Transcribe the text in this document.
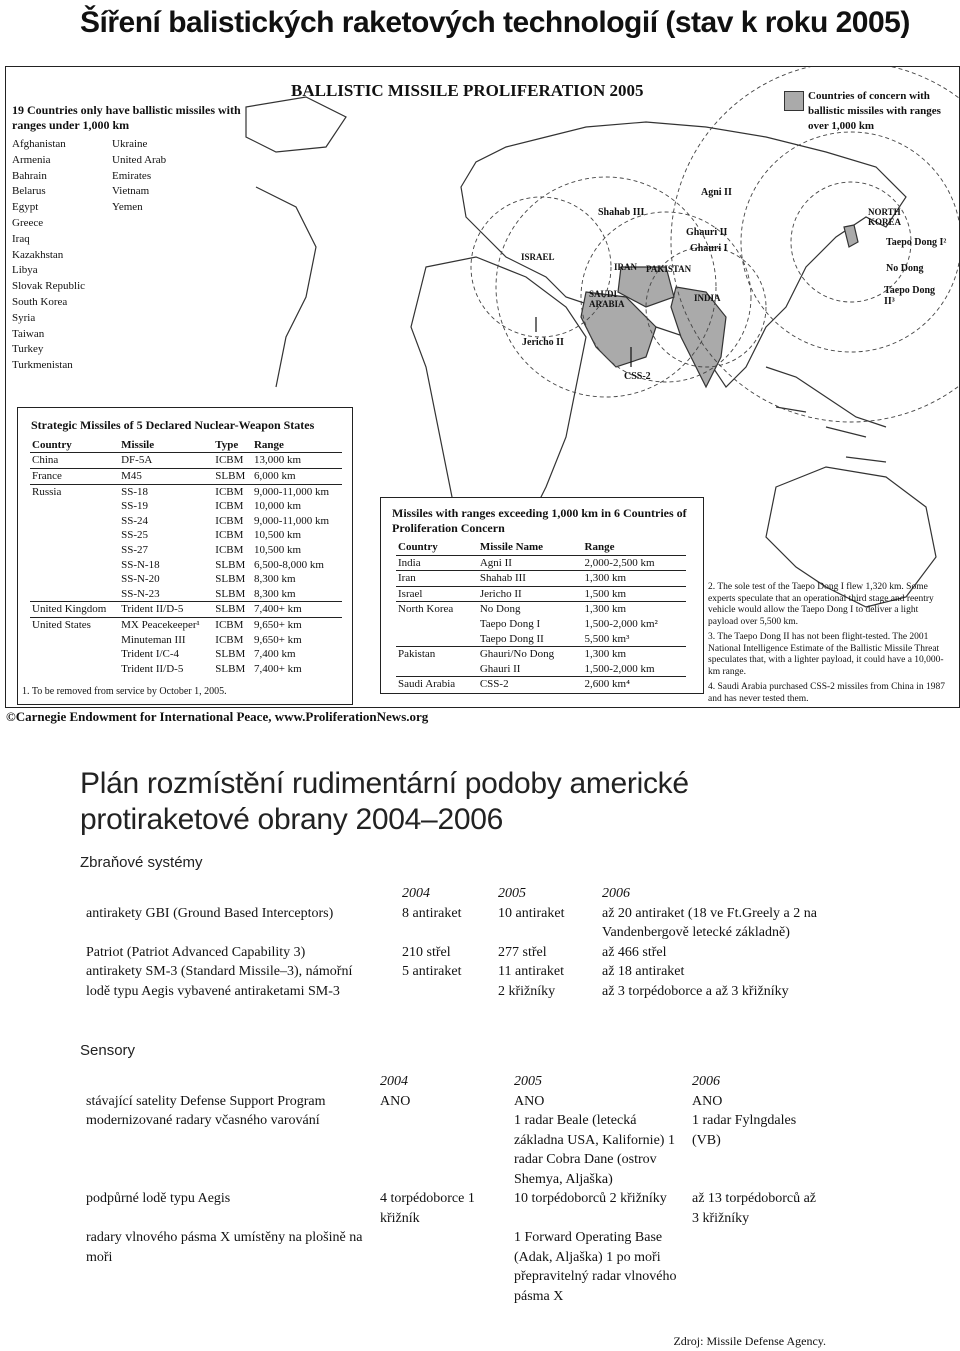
Šíření balistických raketových technologií (stav k roku 2005)
BALLISTIC MISSILE PROLIFERATION 2005	Countries of concern with ballistic missiles with ranges over 1,000 km
ISRAEL
IRAN PAKISTAN
SAUDI ARABIA
INDIA
NORTH KOREA
Shahab III
Agni II
Ghauri II
Ghauri I
Jericho II
CSS-2
Taepo Dong I²
No Dong
Taepo Dong II³
19 Countries only have ballistic missiles with ranges under 1,000 km
Afghanistan
Armenia
Bahrain
Belarus
Egypt
Greece
Iraq
Kazakhstan
Libya
Slovak Republic
South Korea
Syria
Taiwan
Turkey
Turkmenistan
Ukraine
United Arab
Emirates
Vietnam
Yemen
Strategic Missiles of 5 Declared Nuclear-Weapon States
Country	Missile	Type	Range
China	DF-5A	ICBM	13,000 km
France	M45	SLBM	6,000 km
Russia	SS-18	ICBM	9,000-11,000 km
	SS-19	ICBM	10,000 km
	SS-24	ICBM	9,000-11,000 km
	SS-25	ICBM	10,500 km
	SS-27	ICBM	10,500 km
	SS-N-18	SLBM	6,500-8,000 km
	SS-N-20	SLBM	8,300 km
	SS-N-23	SLBM	8,300 km
United Kingdom	Trident II/D-5	SLBM	7,400+ km
United States	MX Peacekeeper¹	ICBM	9,650+ km
	Minuteman III	ICBM	9,650+ km
	Trident I/C-4	SLBM	7,400 km
	Trident II/D-5	SLBM	7,400+ km
1. To be removed from service by October 1, 2005.
Missiles with ranges exceeding 1,000 km in 6 Countries of Proliferation Concern
Country	Missile Name	Range
India	Agni II	2,000-2,500 km
Iran	Shahab III	1,300 km
Israel	Jericho II	1,500 km
North Korea	No Dong	1,300 km
	Taepo Dong I	1,500-2,000 km²
	Taepo Dong II	5,500 km³
Pakistan	Ghauri/No Dong	1,300 km
	Ghauri II	1,500-2,000 km
Saudi Arabia	CSS-2	2,600 km⁴

2. The sole test of the Taepo Dong I flew 1,320 km. Some experts speculate that an operational third stage and reentry vehicle would allow the Taepo Dong I to deliver a light payload over 5,500 km.

3. The Taepo Dong II has not been flight-tested. The 2001 National Intelligence Estimate of the Ballistic Missile Threat speculates that, with a lighter payload, it could have a 10,000-km range.

4. Saudi Arabia purchased CSS-2 missiles from China in 1987 and has never tested them.

©Carnegie Endowment for International Peace, www.ProliferationNews.org
Plán rozmístění rudimentární podoby americké protiraketové obrany 2004–2006
Zbraňové systémy
	2004	2005	2006
antirakety GBI (Ground Based Interceptors)	8 antiraket	10 antiraket	až 20 antiraket (18 ve Ft.Greely a 2 na Vandenbergově letecké základně)
Patriot (Patriot Advanced Capability 3)	210 střel	277 střel	až 466 střel
antirakety SM-3 (Standard Missile–3), námořní	5 antiraket	11 antiraket	až 18 antiraket
lodě typu Aegis vybavené antiraketami SM-3		2 křižníky	až 3 torpédoborce a až 3 křižníky
Sensory
	2004	2005	2006
stávající satelity Defense Support Program	ANO	ANO	ANO
modernizované radary včasného varování		1 radar Beale (letecká základna USA, Kalifornie) 1 radar Cobra Dane (ostrov Shemya, Aljaška)	1 radar Fylngdales (VB)
podpůrné lodě typu Aegis	4 torpédoborce 1 křižník	10 torpédoborců 2 křižníky	až 13 torpédoborců až 3 křižníky
radary vlnového pásma X umístěny na plošině na moři		1 Forward Operating Base (Adak, Aljaška) 1 po moři přepravitelný radar vlnového pásma X	
Zdroj: Missile Defense Agency.
